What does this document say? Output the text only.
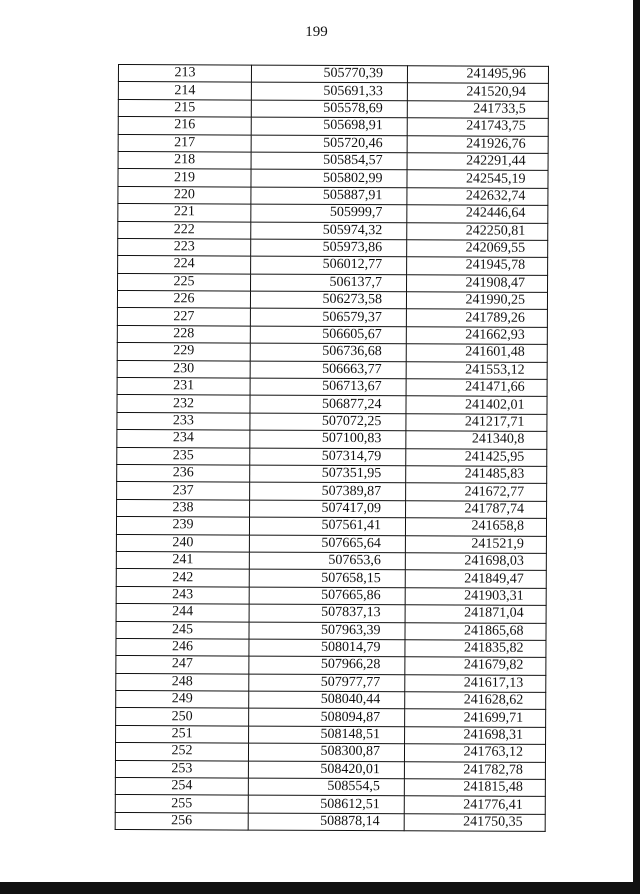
199
213	505770,39	241495,96
214	505691,33	241520,94
215	505578,69	241733,5
216	505698,91	241743,75
217	505720,46	241926,76
218	505854,57	242291,44
219	505802,99	242545,19
220	505887,91	242632,74
221	505999,7	242446,64
222	505974,32	242250,81
223	505973,86	242069,55
224	506012,77	241945,78
225	506137,7	241908,47
226	506273,58	241990,25
227	506579,37	241789,26
228	506605,67	241662,93
229	506736,68	241601,48
230	506663,77	241553,12
231	506713,67	241471,66
232	506877,24	241402,01
233	507072,25	241217,71
234	507100,83	241340,8
235	507314,79	241425,95
236	507351,95	241485,83
237	507389,87	241672,77
238	507417,09	241787,74
239	507561,41	241658,8
240	507665,64	241521,9
241	507653,6	241698,03
242	507658,15	241849,47
243	507665,86	241903,31
244	507837,13	241871,04
245	507963,39	241865,68
246	508014,79	241835,82
247	507966,28	241679,82
248	507977,77	241617,13
249	508040,44	241628,62
250	508094,87	241699,71
251	508148,51	241698,31
252	508300,87	241763,12
253	508420,01	241782,78
254	508554,5	241815,48
255	508612,51	241776,41
256	508878,14	241750,35
